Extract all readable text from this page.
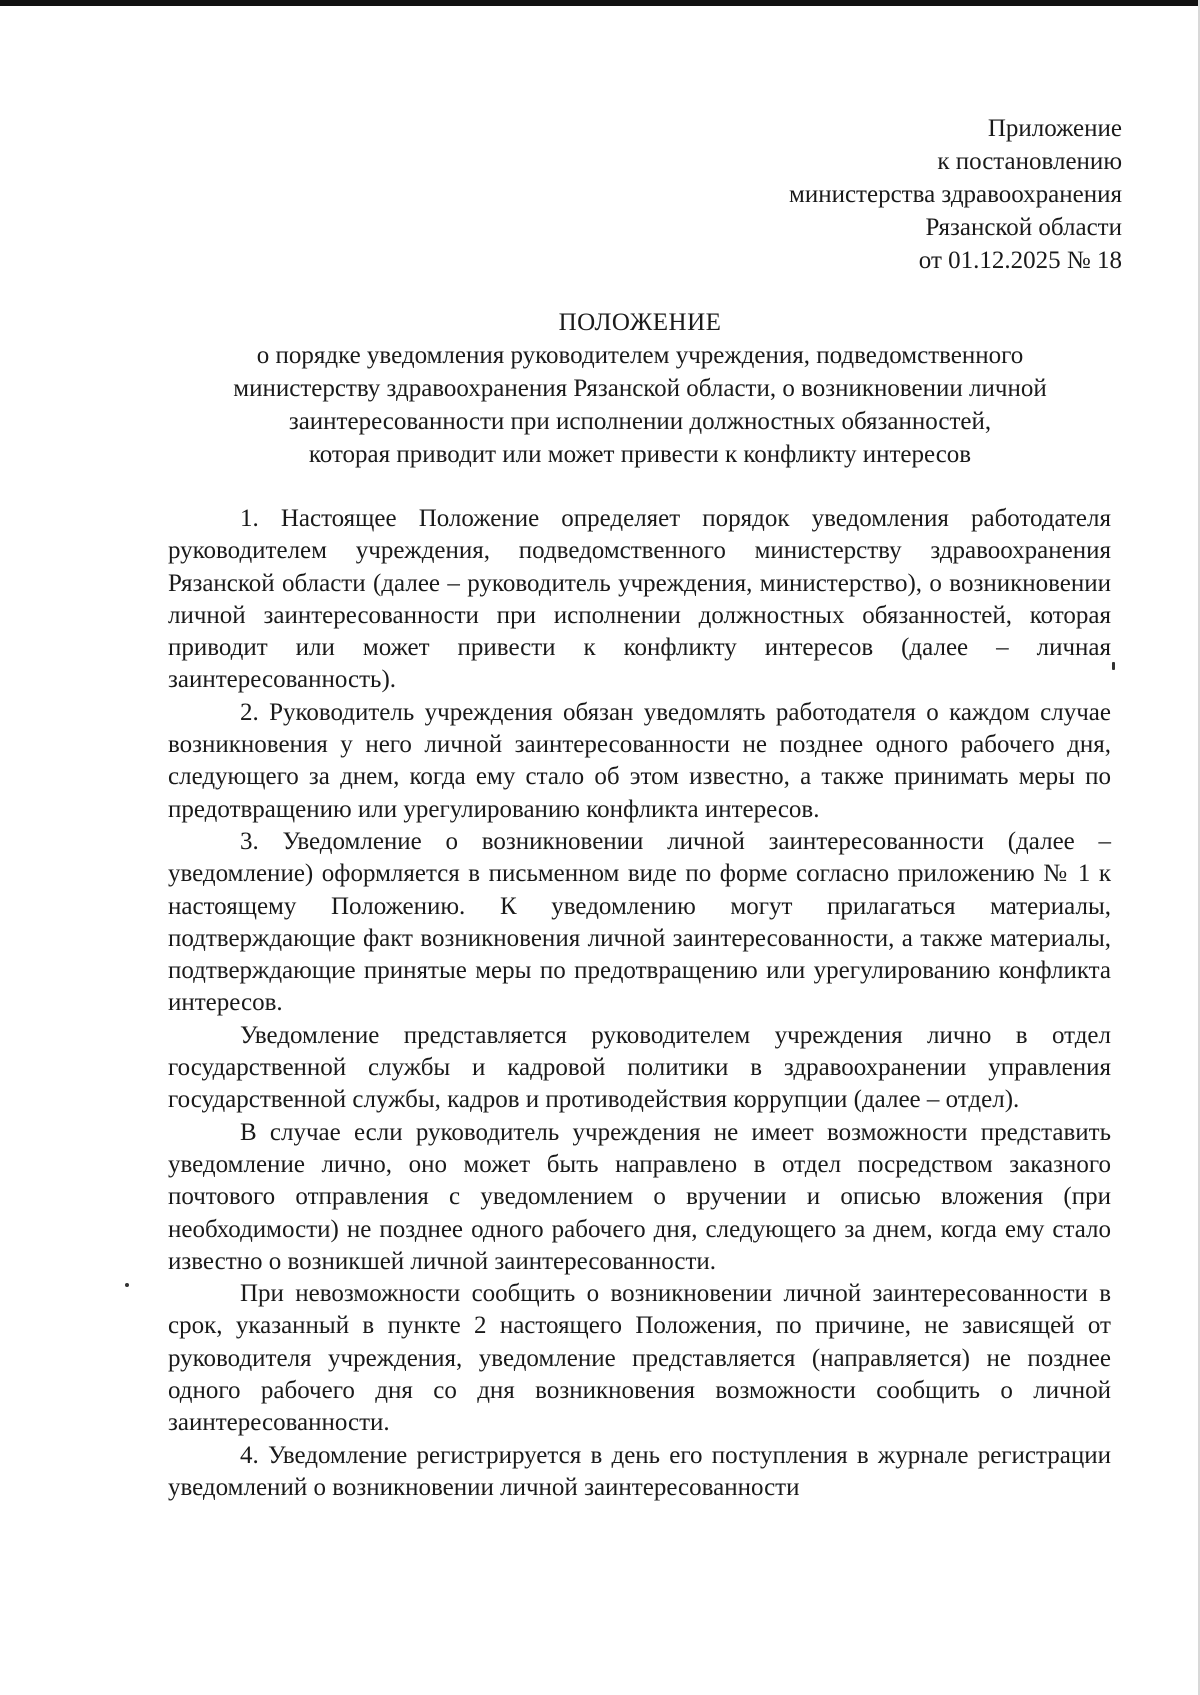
Приложение
к постановлению
министерства здравоохранения
Рязанской области
от 01.12.2025 № 18
ПОЛОЖЕНИЕ
о порядке уведомления руководителем учреждения, подведомственного
министерству здравоохранения Рязанской области, о возникновении личной
заинтересованности при исполнении должностных обязанностей,
которая приводит или может привести к конфликту интересов

1. Настоящее Положение определяет порядок уведомления работодателя руководителем учреждения, подведомственного министерству здравоохранения Рязанской области (далее – руководитель учреждения, министерство), о возникновении личной заинтересованности при исполнении должностных обязанностей, которая приводит или может привести к конфликту интересов (далее – личная заинтересованность).

2. Руководитель учреждения обязан уведомлять работодателя о каждом случае возникновения у него личной заинтересованности не позднее одного рабочего дня, следующего за днем, когда ему стало об этом известно, а также принимать меры по предотвращению или урегулированию конфликта интересов.

3. Уведомление о возникновении личной заинтересованности (далее – уведомление) оформляется в письменном виде по форме согласно приложению № 1 к настоящему Положению. К уведомлению могут прилагаться материалы, подтверждающие факт возникновения личной заинтересованности, а также материалы, подтверждающие принятые меры по предотвращению или урегулированию конфликта интересов.

Уведомление представляется руководителем учреждения лично в отдел государственной службы и кадровой политики в здравоохранении управления государственной службы, кадров и противодействия коррупции (далее – отдел).

В случае если руководитель учреждения не имеет возможности представить уведомление лично, оно может быть направлено в отдел посредством заказного почтового отправления с уведомлением о вручении и описью вложения (при необходимости) не позднее одного рабочего дня, следующего за днем, когда ему стало известно о возникшей личной заинтересованности.

При невозможности сообщить о возникновении личной заинтересованности в срок, указанный в пункте 2 настоящего Положения, по причине, не зависящей от руководителя учреждения, уведомление представляется (направляется) не позднее одного рабочего дня со дня возникновения возможности сообщить о личной заинтересованности.

4. Уведомление регистрируется в день его поступления в журнале регистрации уведомлений о возникновении личной заинтересованности
